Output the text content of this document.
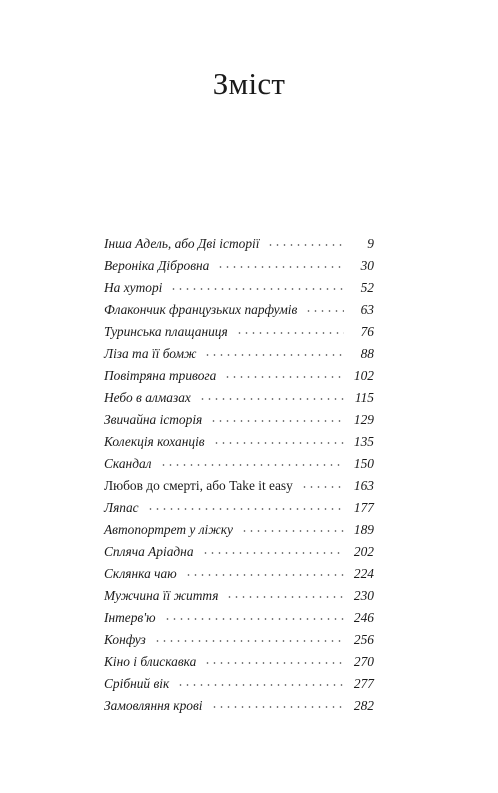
Зміст
Інша Адель, або Дві історії	9
Вероніка Дібровна	30
На хуторі	52
Флакончик французьких парфумів	63
Туринська плащаниця	76
Ліза та її бомж	88
Повітряна тривога	102
Небо в алмазах	115
Звичайна історія	129
Колекція коханців	135
Скандал	150
Любов до смерті, або Take it easy	163
Ляпас	177
Автопортрет у ліжку	189
Спляча Аріадна	202
Склянка чаю	224
Мужчина її життя	230
Інтерв'ю	246
Конфуз	256
Кіно і блискавка	270
Срібний вік	277
Замовляння крові	282
